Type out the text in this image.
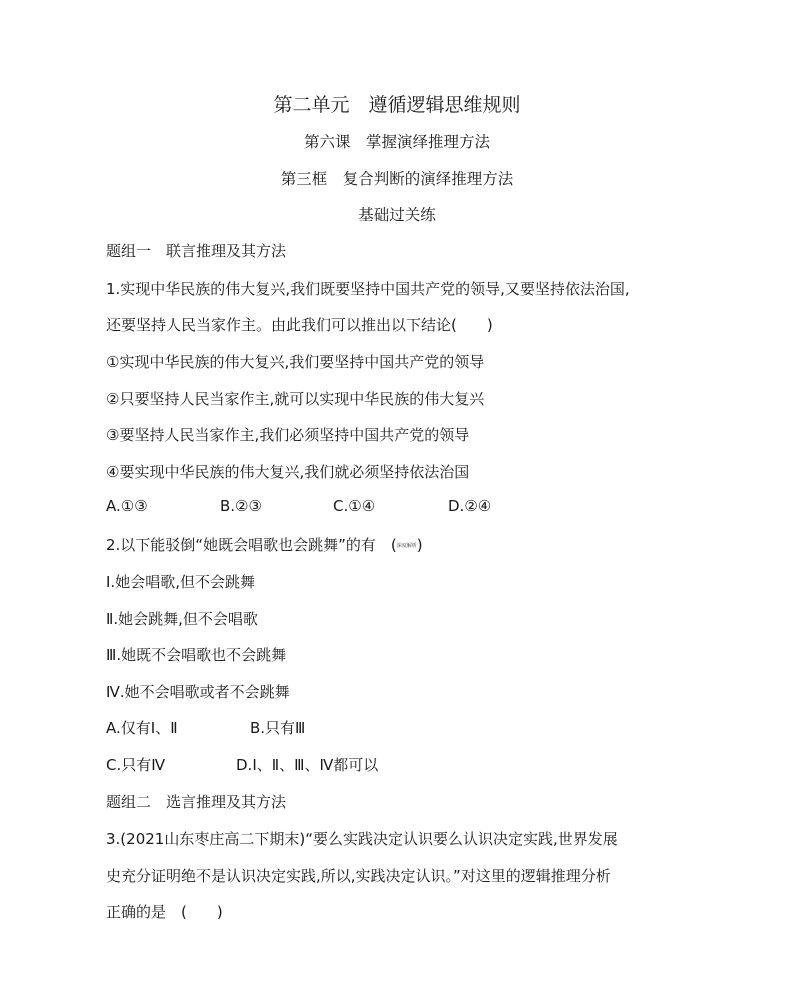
第二单元　遵循逻辑思维规则
第六课　掌握演绎推理方法
第三框　复合判断的演绎推理方法
基础过关练
题组一　联言推理及其方法
1.实现中华民族的伟大复兴,我们既要坚持中国共产党的领导,又要坚持依法治国,
还要坚持人民当家作主。由此我们可以推出以下结论(　　)
①实现中华民族的伟大复兴,我们要坚持中国共产党的领导
②只要坚持人民当家作主,就可以实现中华民族的伟大复兴
③要坚持人民当家作主,我们必须坚持中国共产党的领导
④要实现中华民族的伟大复兴,我们就必须坚持依法治国
A.①③	B.②③	C.①④	D.②④
2.以下能驳倒“她既会唱歌也会跳舞”的有　(深度解析)
Ⅰ.她会唱歌,但不会跳舞
Ⅱ.她会跳舞,但不会唱歌
Ⅲ.她既不会唱歌也不会跳舞
Ⅳ.她不会唱歌或者不会跳舞
A.仅有Ⅰ、Ⅱ	B.只有Ⅲ
C.只有Ⅳ	D.Ⅰ、Ⅱ、Ⅲ、Ⅳ都可以
题组二　选言推理及其方法
3.(2021山东枣庄高二下期末)“要么实践决定认识要么认识决定实践,世界发展
史充分证明绝不是认识决定实践,所以,实践决定认识。”对这里的逻辑推理分析
正确的是　(　　)
